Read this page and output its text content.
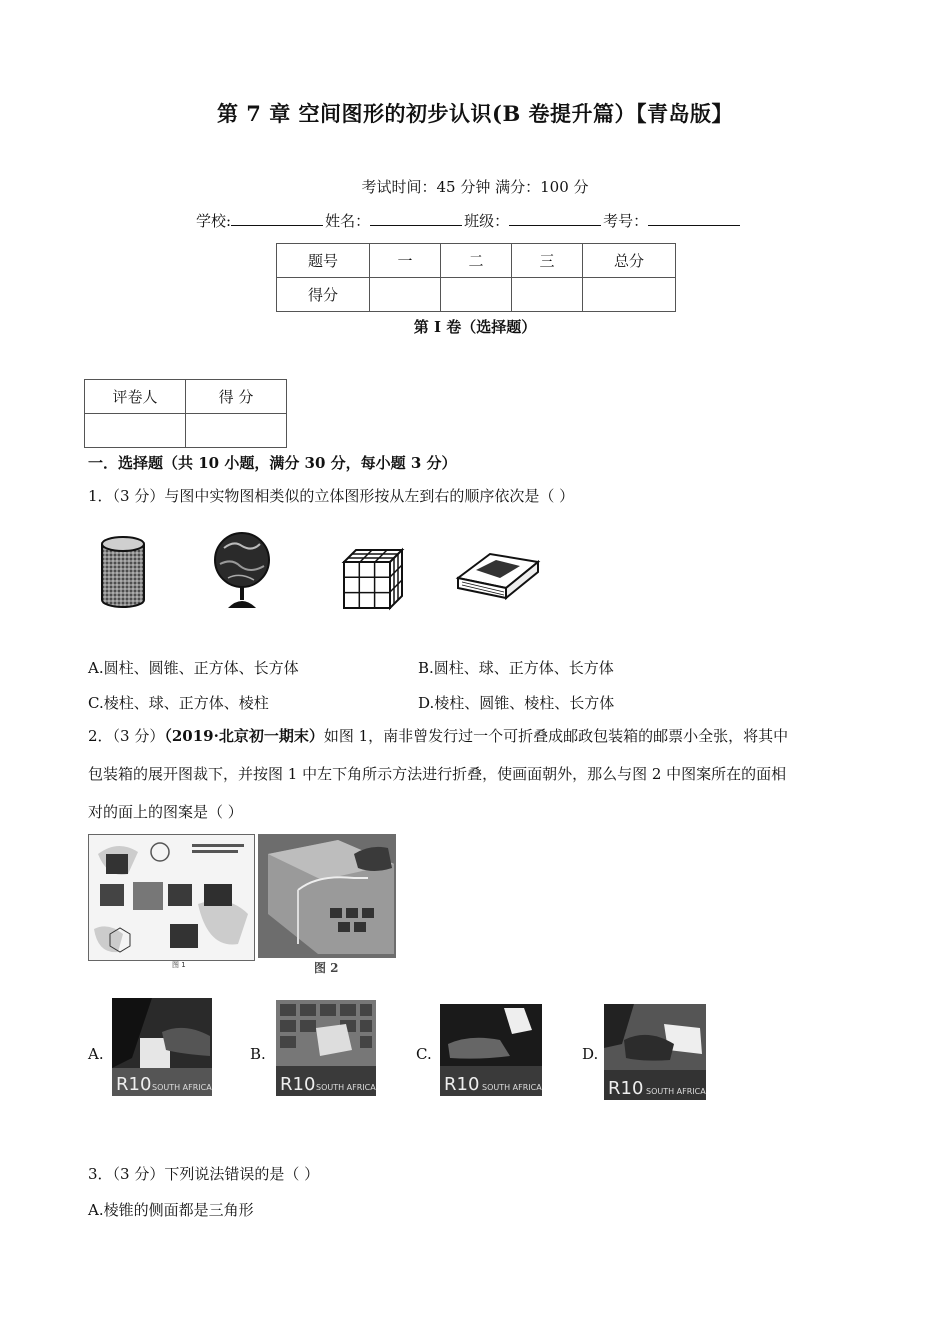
第 7 章 空间图形的初步认识(B 卷提升篇）【青岛版】
考试时间：45 分钟 满分：100 分
学校:	姓名：	班级：	考号：
题号	一	二	三	总分
得分				
第 I 卷（选择题）
评卷人	得 分

一．选择题（共 10 小题，满分 30 分，每小题 3 分）
1．（3 分）与图中实物图相类似的立体图形按从左到右的顺序依次是（ ）
A.圆柱、圆锥、正方体、长方体	B.圆柱、球、正方体、长方体
C.棱柱、球、正方体、棱柱	D.棱柱、圆锥、棱柱、长方体
2．（3 分）（2019·北京初一期末）如图 1，南非曾发行过一个可折叠成邮政包装箱的邮票小全张，将其中
包装箱的展开图裁下，并按图 1 中左下角所示方法进行折叠，使画面朝外，那么与图 2 中图案所在的面相
对的面上的图案是（ ）
图 1	图 2
A.
R10 SOUTH AFRICA
B.
R10 SOUTH AFRICA
C.
R10 SOUTH AFRICA
D.
R10 SOUTH AFRICA
3．（3 分）下列说法错误的是（ ）
A.棱锥的侧面都是三角形
